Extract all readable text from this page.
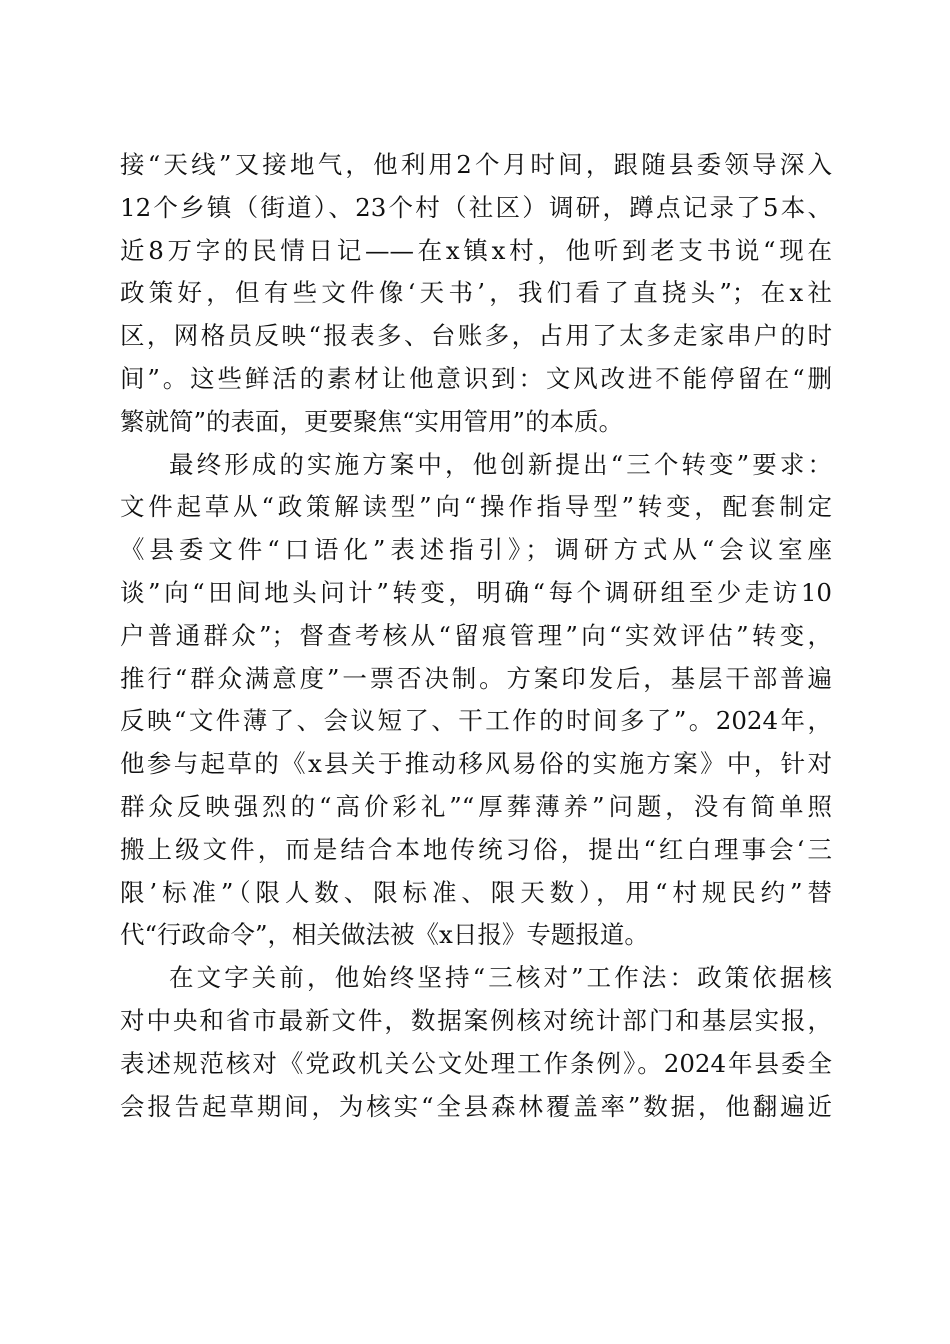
接“天线”又接地气，他利用2个月时间，跟随县委领导深入
12个乡镇（街道）、23个村（社区）调研，蹲点记录了5本、
近8万字的民情日记——在x镇x村，他听到老支书说“现在
政策好，但有些文件像‘天书’，我们看了直挠头”；在x社
区，网格员反映“报表多、台账多，占用了太多走家串户的时
间”。这些鲜活的素材让他意识到：文风改进不能停留在“删
繁就简”的表面，更要聚焦“实用管用”的本质。
最终形成的实施方案中，他创新提出“三个转变”要求：
文件起草从“政策解读型”向“操作指导型”转变，配套制定
《县委文件“口语化”表述指引》；调研方式从“会议室座
谈”向“田间地头问计”转变，明确“每个调研组至少走访10
户普通群众”；督查考核从“留痕管理”向“实效评估”转变，
推行“群众满意度”一票否决制。方案印发后，基层干部普遍
反映“文件薄了、会议短了、干工作的时间多了”。2024年，
他参与起草的《x县关于推动移风易俗的实施方案》中，针对
群众反映强烈的“高价彩礼”“厚葬薄养”问题，没有简单照
搬上级文件，而是结合本地传统习俗，提出“红白理事会‘三
限’标准”（限人数、限标准、限天数），用“村规民约”替
代“行政命令”，相关做法被《x日报》专题报道。
在文字关前，他始终坚持“三核对”工作法：政策依据核
对中央和省市最新文件，数据案例核对统计部门和基层实报，
表述规范核对《党政机关公文处理工作条例》。2024年县委全
会报告起草期间，为核实“全县森林覆盖率”数据，他翻遍近
